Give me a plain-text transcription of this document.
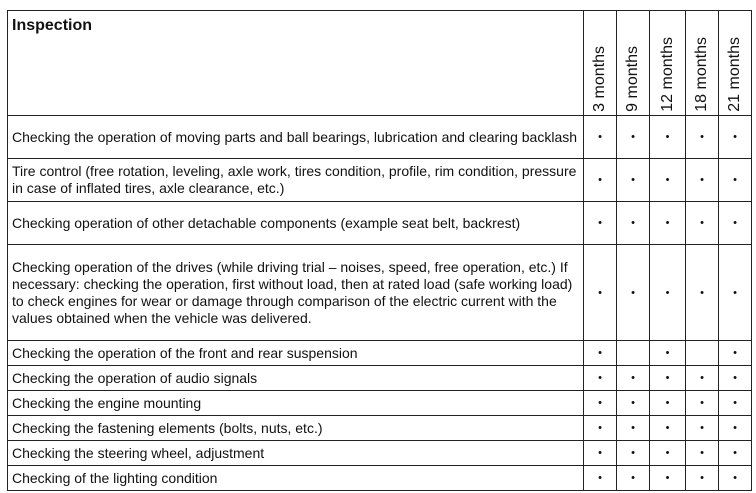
Inspection	3 months	9 months	12 months	18 months	21 months

Checking the operation of moving parts and ball bearings, lubrication and clearing backlash	•	•	•	•	•
Tire control (free rotation, leveling, axle work, tires condition, profile, rim condition, pressure in case of inflated tires, axle clearance, etc.)	•	•	•	•	•
Checking operation of other detachable components (example seat belt, backrest)	•	•	•	•	•
Checking operation of the drives (while driving trial – noises, speed, free operation, etc.) If necessary: checking the operation, first without load, then at rated load (safe working load) to check engines for wear or damage through comparison of the electric current with the values obtained when the vehicle was delivered.	•	•	•	•	•
Checking the operation of the front and rear suspension	•		•		•
Checking the operation of audio signals	•	•	•	•	•
Checking the engine mounting	•	•	•	•	•
Checking the fastening elements (bolts, nuts, etc.)	•	•	•	•	•
Checking the steering wheel, adjustment	•	•	•	•	•
Checking of the lighting condition	•	•	•	•	•
